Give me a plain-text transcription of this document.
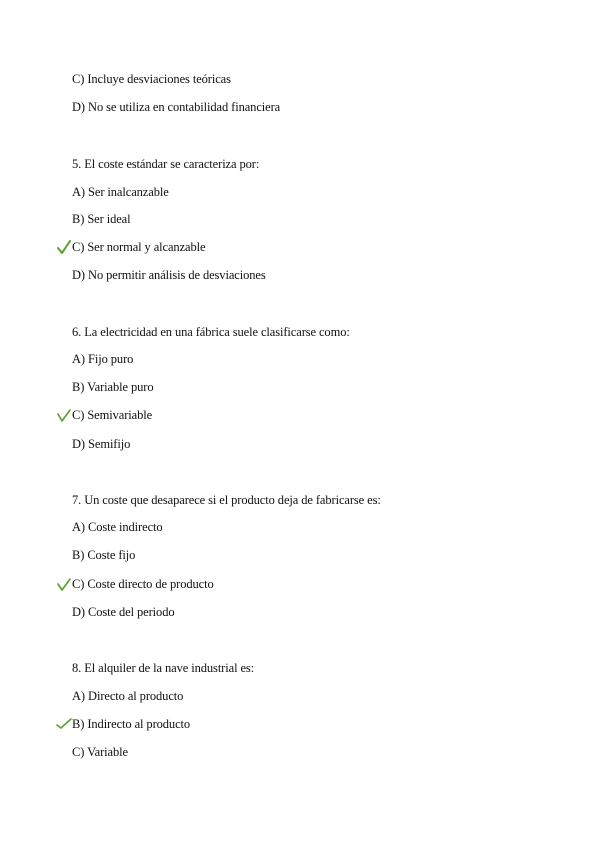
C) Incluye desviaciones teóricas
D) No se utiliza en contabilidad financiera
5. El coste estándar se caracteriza por:
A) Ser inalcanzable
B) Ser ideal
C) Ser normal y alcanzable
D) No permitir análisis de desviaciones
6. La electricidad en una fábrica suele clasificarse como:
A) Fijo puro
B) Variable puro
C) Semivariable
D) Semifijo
7. Un coste que desaparece si el producto deja de fabricarse es:
A) Coste indirecto
B) Coste fijo
C) Coste directo de producto
D) Coste del periodo
8. El alquiler de la nave industrial es:
A) Directo al producto
B) Indirecto al producto
C) Variable
